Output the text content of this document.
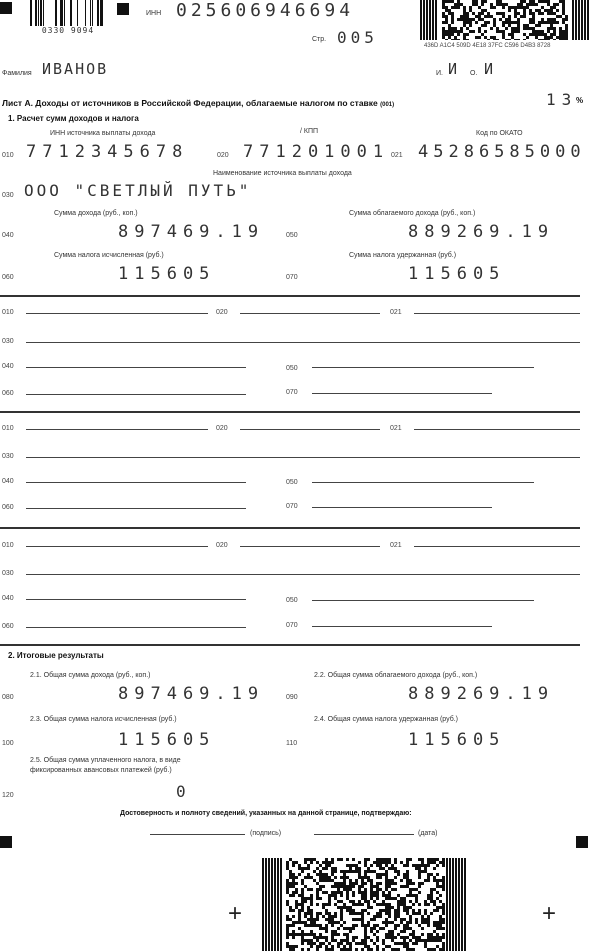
0330 9094
ИНН 025606946694
Стр. 005	436D A1C4 509D 4E18 37FC C596 D4B3 8728
Фамилия ИВАНОВ	И. И О. И
Лист А. Доходы от источников в Российской Федерации, облагаемые налогом по ставке (001)	13
%
1. Расчет сумм доходов и налога
ИНН источника выплаты дохода	/ КПП	Код по ОКАТО
010 7712345678	020 771201001 021 45286585000
Наименование источника выплаты дохода
030 ООО "СВЕТЛЫЙ ПУТЬ"
Сумма дохода (руб., коп.)	Сумма облагаемого дохода (руб., коп.)
040	897469.19	050	889269.19
Сумма налога исчисленная (руб.)	Сумма налога удержанная (руб.)
060	115605	070	115605
010	020	021
030
040	050
060	070
010	020	021
030
040	050
060	070
010	020	021
030
040	050
060	070
2. Итоговые результаты
2.1. Общая сумма дохода (руб., коп.)	2.2. Общая сумма облагаемого дохода (руб., коп.)
080	897469.19	090	889269.19
2.3. Общая сумма налога исчисленная (руб.)	2.4. Общая сумма налога удержанная (руб.)
100	115605	110	115605
2.5. Общая сумма уплаченного налога, в виде
фиксированных авансовых платежей (руб.)
120	0
Достоверность и полноту сведений, указанных на данной странице, подтверждаю:
(подпись)	(дата)
+	+
